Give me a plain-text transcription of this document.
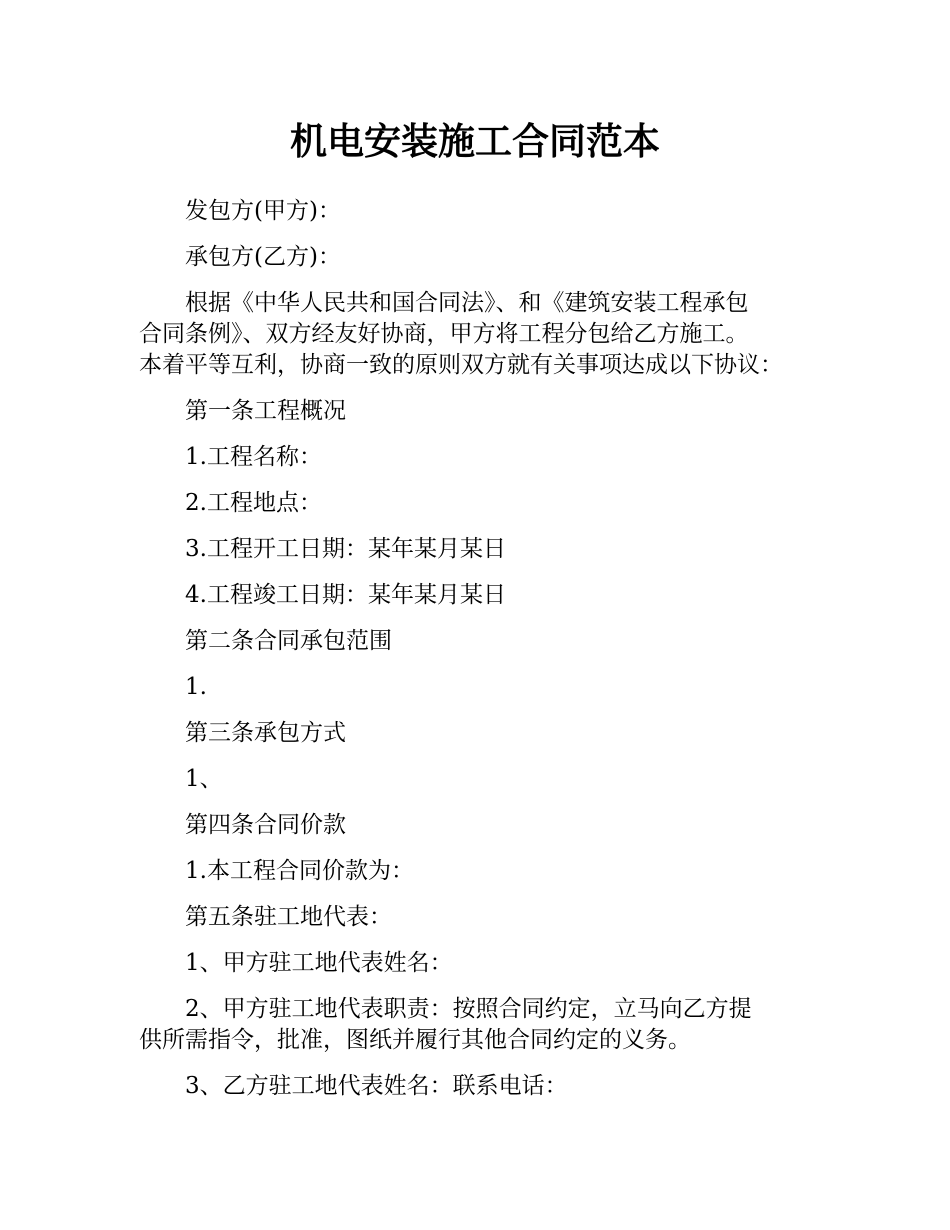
机电安装施工合同范本

发包方(甲方)：

承包方(乙方)：

根据《中华人民共和国合同法》、和《建筑安装工程承包
合同条例》、双方经友好协商，甲方将工程分包给乙方施工。
本着平等互利，协商一致的原则双方就有关事项达成以下协议：

第一条工程概况

1.工程名称：

2.工程地点：

3.工程开工日期：某年某月某日

4.工程竣工日期：某年某月某日

第二条合同承包范围

1.

第三条承包方式

1、

第四条合同价款

1.本工程合同价款为：

第五条驻工地代表：

1、甲方驻工地代表姓名：

2、甲方驻工地代表职责：按照合同约定，立马向乙方提
供所需指令，批准，图纸并履行其他合同约定的义务。

3、乙方驻工地代表姓名：联系电话：
